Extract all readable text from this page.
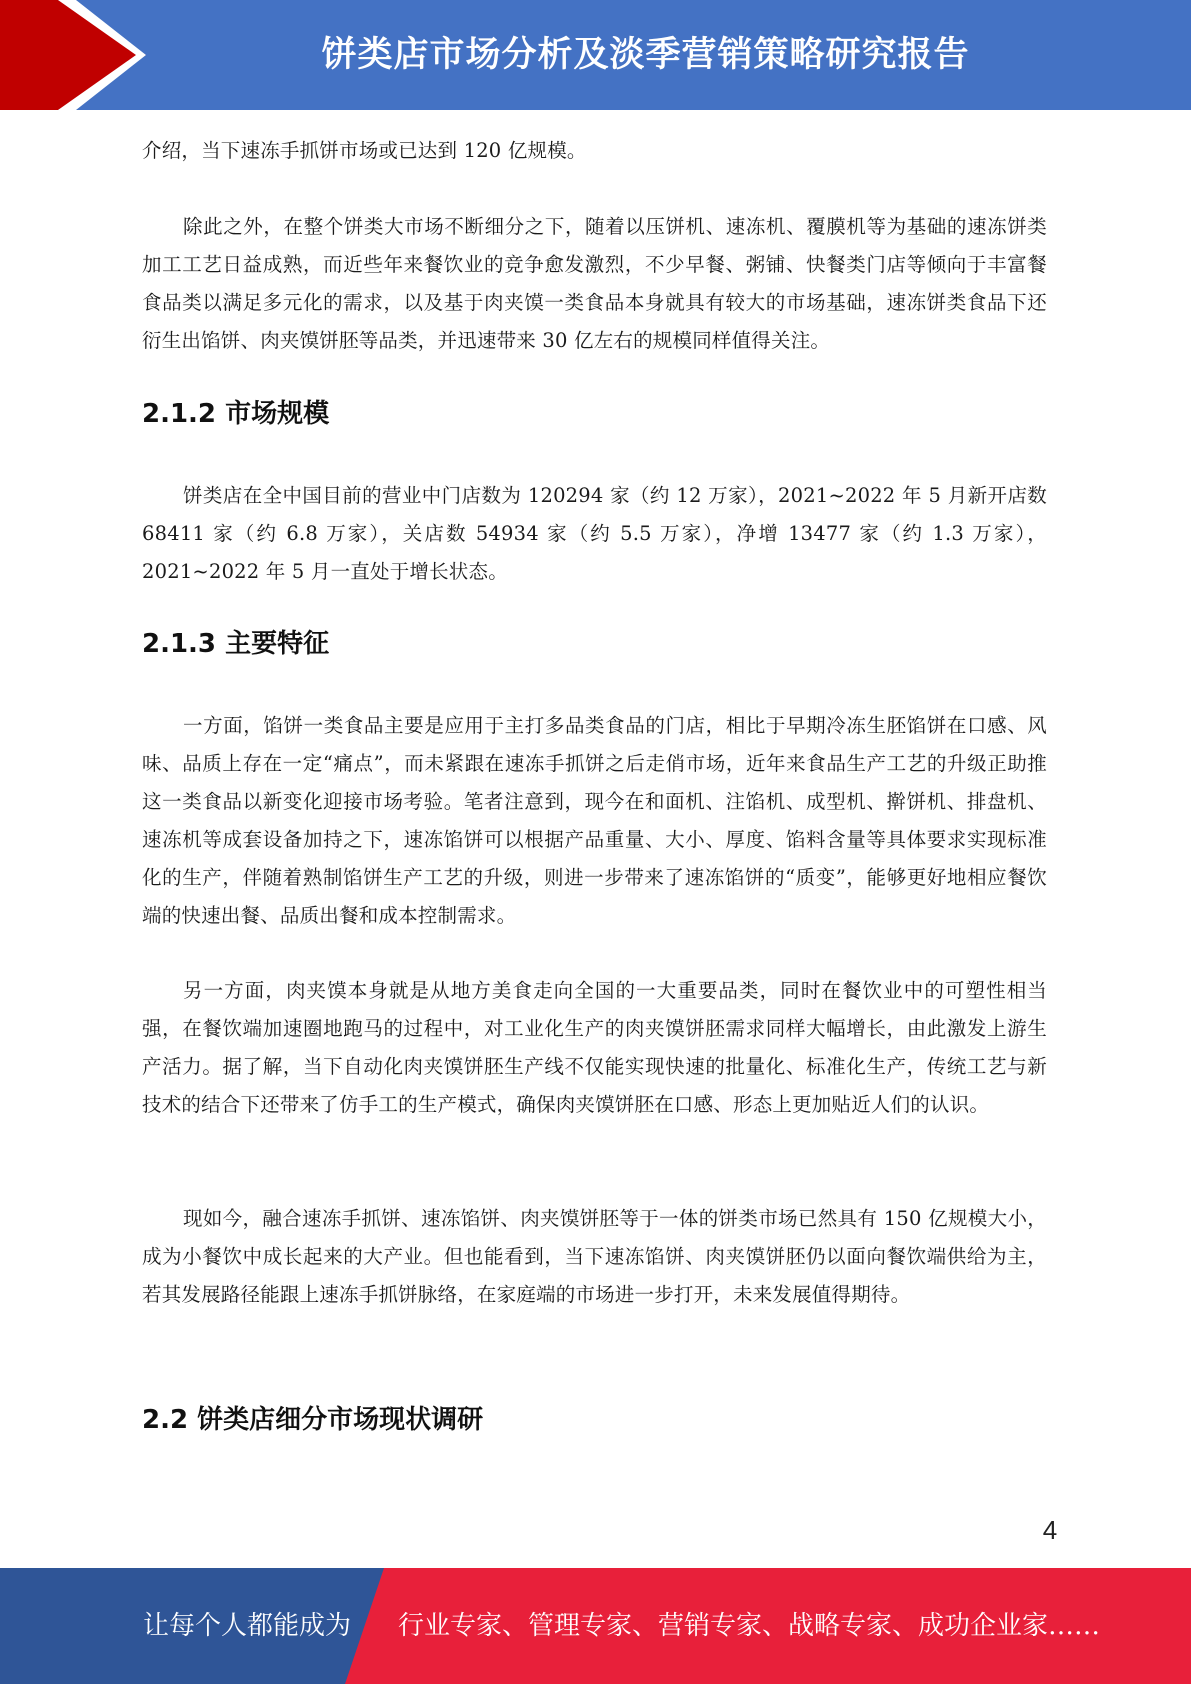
饼类店市场分析及淡季营销策略研究报告

介绍，当下速冻手抓饼市场或已达到 120 亿规模。

除此之外，在整个饼类大市场不断细分之下，随着以压饼机、速冻机、覆膜机等为基础的速冻饼类加工工艺日益成熟，而近些年来餐饮业的竞争愈发激烈，不少早餐、粥铺、快餐类门店等倾向于丰富餐食品类以满足多元化的需求，以及基于肉夹馍一类食品本身就具有较大的市场基础，速冻饼类食品下还衍生出馅饼、肉夹馍饼胚等品类，并迅速带来 30 亿左右的规模同样值得关注。

2.1.2 市场规模

饼类店在全中国目前的营业中门店数为 120294 家（约 12 万家），2021~2022 年 5 月新开店数 68411 家（约 6.8 万家），关店数 54934 家（约 5.5 万家），净增 13477 家（约 1.3 万家），2021~2022 年 5 月一直处于增长状态。

2.1.3 主要特征

一方面，馅饼一类食品主要是应用于主打多品类食品的门店，相比于早期冷冻生胚馅饼在口感、风味、品质上存在一定“痛点”，而未紧跟在速冻手抓饼之后走俏市场，近年来食品生产工艺的升级正助推这一类食品以新变化迎接市场考验。笔者注意到，现今在和面机、注馅机、成型机、擀饼机、排盘机、速冻机等成套设备加持之下，速冻馅饼可以根据产品重量、大小、厚度、馅料含量等具体要求实现标准化的生产，伴随着熟制馅饼生产工艺的升级，则进一步带来了速冻馅饼的“质变”，能够更好地相应餐饮端的快速出餐、品质出餐和成本控制需求。

另一方面，肉夹馍本身就是从地方美食走向全国的一大重要品类，同时在餐饮业中的可塑性相当强，在餐饮端加速圈地跑马的过程中，对工业化生产的肉夹馍饼胚需求同样大幅增长，由此激发上游生产活力。据了解，当下自动化肉夹馍饼胚生产线不仅能实现快速的批量化、标准化生产，传统工艺与新技术的结合下还带来了仿手工的生产模式，确保肉夹馍饼胚在口感、形态上更加贴近人们的认识。

现如今，融合速冻手抓饼、速冻馅饼、肉夹馍饼胚等于一体的饼类市场已然具有 150 亿规模大小，成为小餐饮中成长起来的大产业。但也能看到，当下速冻馅饼、肉夹馍饼胚仍以面向餐饮端供给为主，若其发展路径能跟上速冻手抓饼脉络，在家庭端的市场进一步打开，未来发展值得期待。

2.2 饼类店细分市场现状调研
4
让每个人都能成为 行业专家、管理专家、营销专家、战略专家、成功企业家……
